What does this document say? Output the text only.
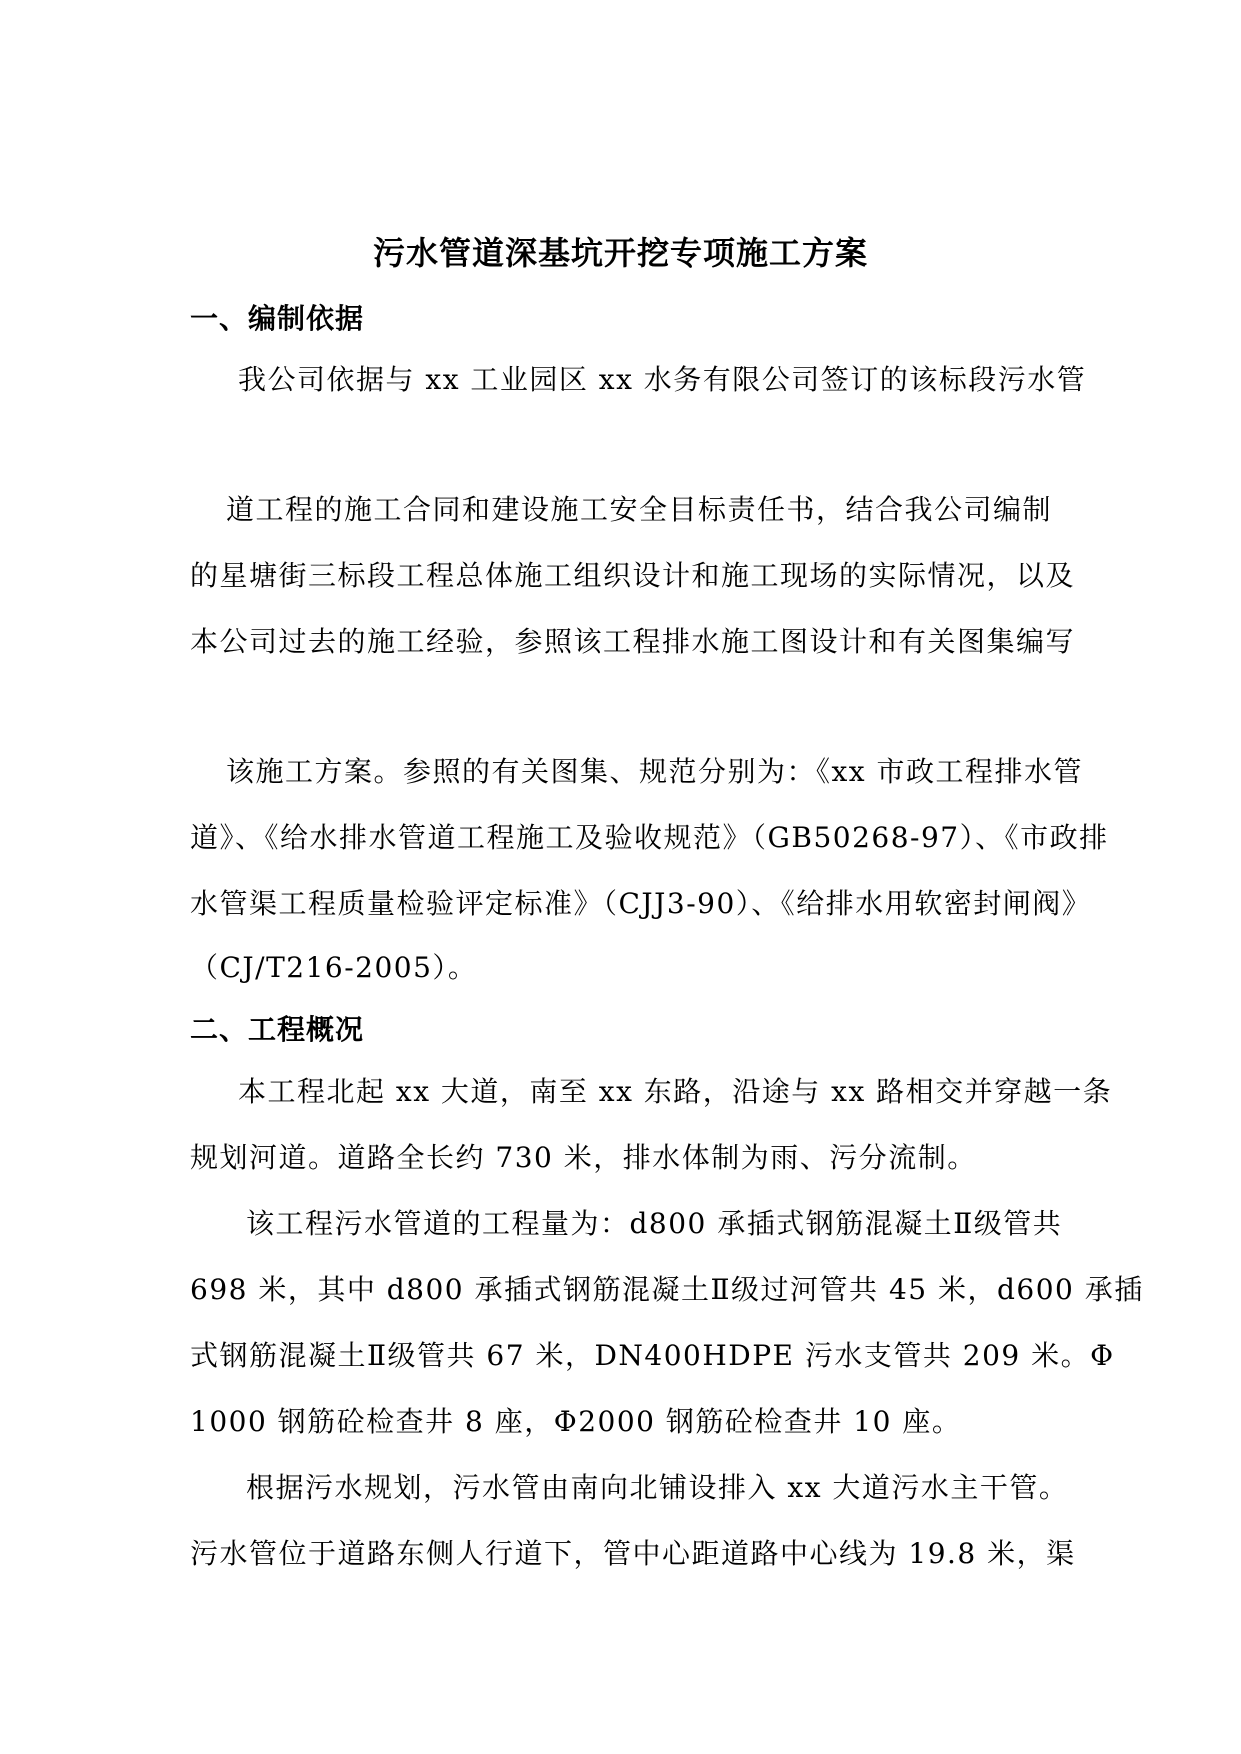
污水管道深基坑开挖专项施工方案
一、编制依据
我公司依据与 xx 工业园区 xx 水务有限公司签订的该标段污水管
道工程的施工合同和建设施工安全目标责任书，结合我公司编制
的星塘街三标段工程总体施工组织设计和施工现场的实际情况，以及
本公司过去的施工经验，参照该工程排水施工图设计和有关图集编写
该施工方案。参照的有关图集、规范分别为：《xx 市政工程排水管
道》、《给水排水管道工程施工及验收规范》（GB50268-97）、《市政排
水管渠工程质量检验评定标准》（CJJ3-90）、《给排水用软密封闸阀》
（CJ/T216-2005）。
二、工程概况
本工程北起 xx 大道，南至 xx 东路，沿途与 xx 路相交并穿越一条
规划河道。道路全长约 730 米，排水体制为雨、污分流制。
该工程污水管道的工程量为：d800 承插式钢筋混凝土Ⅱ级管共
698 米，其中 d800 承插式钢筋混凝土Ⅱ级过河管共 45 米，d600 承插
式钢筋混凝土Ⅱ级管共 67 米，DN400HDPE 污水支管共 209 米。Φ
1000 钢筋砼检查井 8 座，Φ2000 钢筋砼检查井 10 座。
根据污水规划，污水管由南向北铺设排入 xx 大道污水主干管。
污水管位于道路东侧人行道下，管中心距道路中心线为 19.8 米，渠
